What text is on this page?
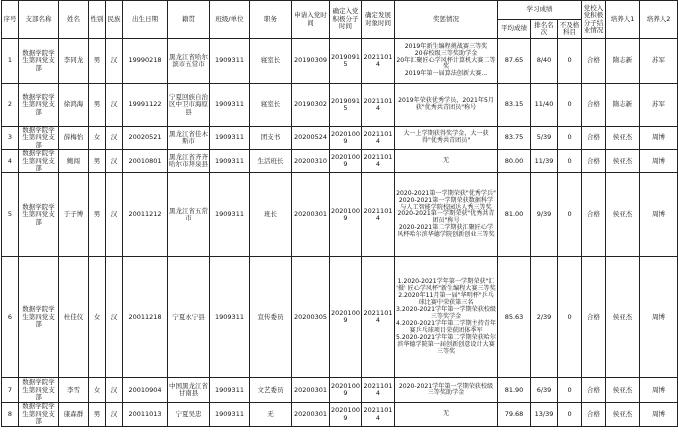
序号	支部名称	姓名	性别	民族	出生日期	籍贯	班级/单位	职务	申请入党时间	确定入党积极分子时间	确定发展对象时间	奖惩情况	学习成绩			党校入党积极分子结业情况	培养人1	培养人2
													平均成绩	排名名次	不及格科目			
1	数据学院学生第四党支部	李同龙	男	汉	19990218	黑龙江省哈尔滨市五常市	1909311	寝室长	20190309	20190915	20211014	2019年新生编程挑战赛三等奖
20春校级三等奖助学金
20年汇聚匠心学风杯计算机大赛二等奖
2019年第一届算法创新大赛...	87.65	8/40	0	合格	隋志新	苏军
2	数据学院学生第四党支部	徐鸿海	男	汉	19991122	宁夏回族自治区中卫市海原县	1909311	寝室长	20190302	20190915	20211014	2019年荣获优秀学员，2021年5月获"优秀共青团员"称号	83.15	11/40	0	合格	隋志新	苏军
3	数据学院学生第四党支部	薛梅怡	女	汉	20020521	黑龙江省佳木斯市	1909311	团支书	20200524	20201009	20211014	大一上学期获得奖学金，大一获得"优秀共青团员"	83.75	5/39	0	合格	侯亚杰	周博
4	数据学院学生第四党支部	鲍闯	男	汉	20010801	黑龙江省齐齐哈尔市拜泉县	1909311	生活班长	20200310	20201009	20211014	无	80.00	11/39	0	合格	侯亚杰	周博
5	数据学院学生第四党支部	于子博	男	汉	20011212	黑龙江省五常市	1909311	班长	20200301	20201009	20211014	2020-2021第一学期荣获"优秀学兵"
2020-2021第一学期荣获数据科学与人工智能学院校园达人秀三等奖
2020-2021第一学期荣获"优秀共青团员"称号
2020-2021第二学期获汇聚匠心学风杯哈尔滨华德学院创新创业三等奖	81.00	9/39	0	合格	侯亚杰	周博
6	数据学院学生第四党支部	杜佳仪	女	汉	20011218	宁夏永宁县	1909311	宣传委员	20200305	20201009	20211014	1.2020-2021学年第一学期荣获"汇 '摄' 匠心学风杯"新生编程大赛三等奖
2.2020年11月第一届"华明杯"乒乓球比赛中荣获第三名
3.2020-2021学年第一学期荣获校级三等奖学金
4.2020-2021学年第二学期主持青年赛乒乓球项目荣获团体季军
5.2020-2021学年第二学期荣获哈尔滨华德学院第一届创新创意设计大赛三等奖	85.63	2/39	0	合格	侯亚杰	周博
7	数据学院学生第四党支部	李雪	女	汉	20010904	中国黑龙江省甘南县	1909311	文艺委员	20200301	20201009	20211014	2020-2021学年第一学期荣获校级三等奖助学金	81.90	6/39	0	合格	侯亚杰	周博
8	数据学院学生第四党支部	康森群	男	汉	20011013	宁夏吴忠	1909311	无	20200301	20201009	20211014	无	79.68	13/39	0	合格	侯亚杰	周博
